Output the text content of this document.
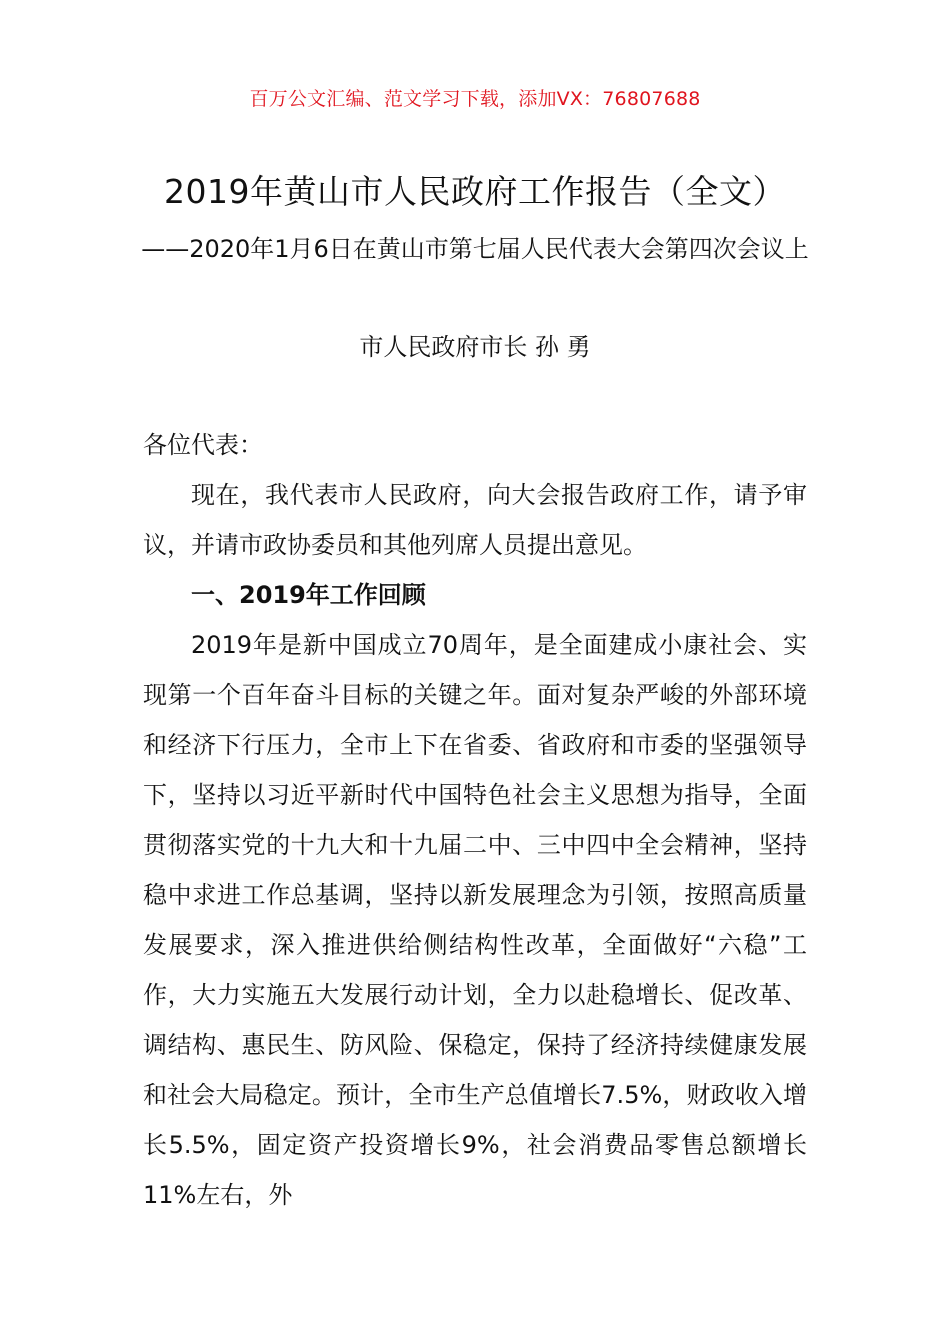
百万公文汇编、范文学习下载，添加VX：76807688
2019年黄山市人民政府工作报告（全文）
——2020年1月6日在黄山市第七届人民代表大会第四次会议上
市人民政府市长 孙 勇

各位代表：

现在，我代表市人民政府，向大会报告政府工作，请予审议，并请市政协委员和其他列席人员提出意见。

一、2019年工作回顾

2019年是新中国成立70周年，是全面建成小康社会、实现第一个百年奋斗目标的关键之年。面对复杂严峻的外部环境和经济下行压力，全市上下在省委、省政府和市委的坚强领导下，坚持以习近平新时代中国特色社会主义思想为指导，全面贯彻落实党的十九大和十九届二中、三中四中全会精神，坚持稳中求进工作总基调，坚持以新发展理念为引领，按照高质量发展要求，深入推进供给侧结构性改革，全面做好“六稳”工作，大力实施五大发展行动计划，全力以赴稳增长、促改革、调结构、惠民生、防风险、保稳定，保持了经济持续健康发展和社会大局稳定。预计，全市生产总值增长7.5%，财政收入增长5.5%，固定资产投资增长9%，社会消费品零售总额增长11%左右，外
